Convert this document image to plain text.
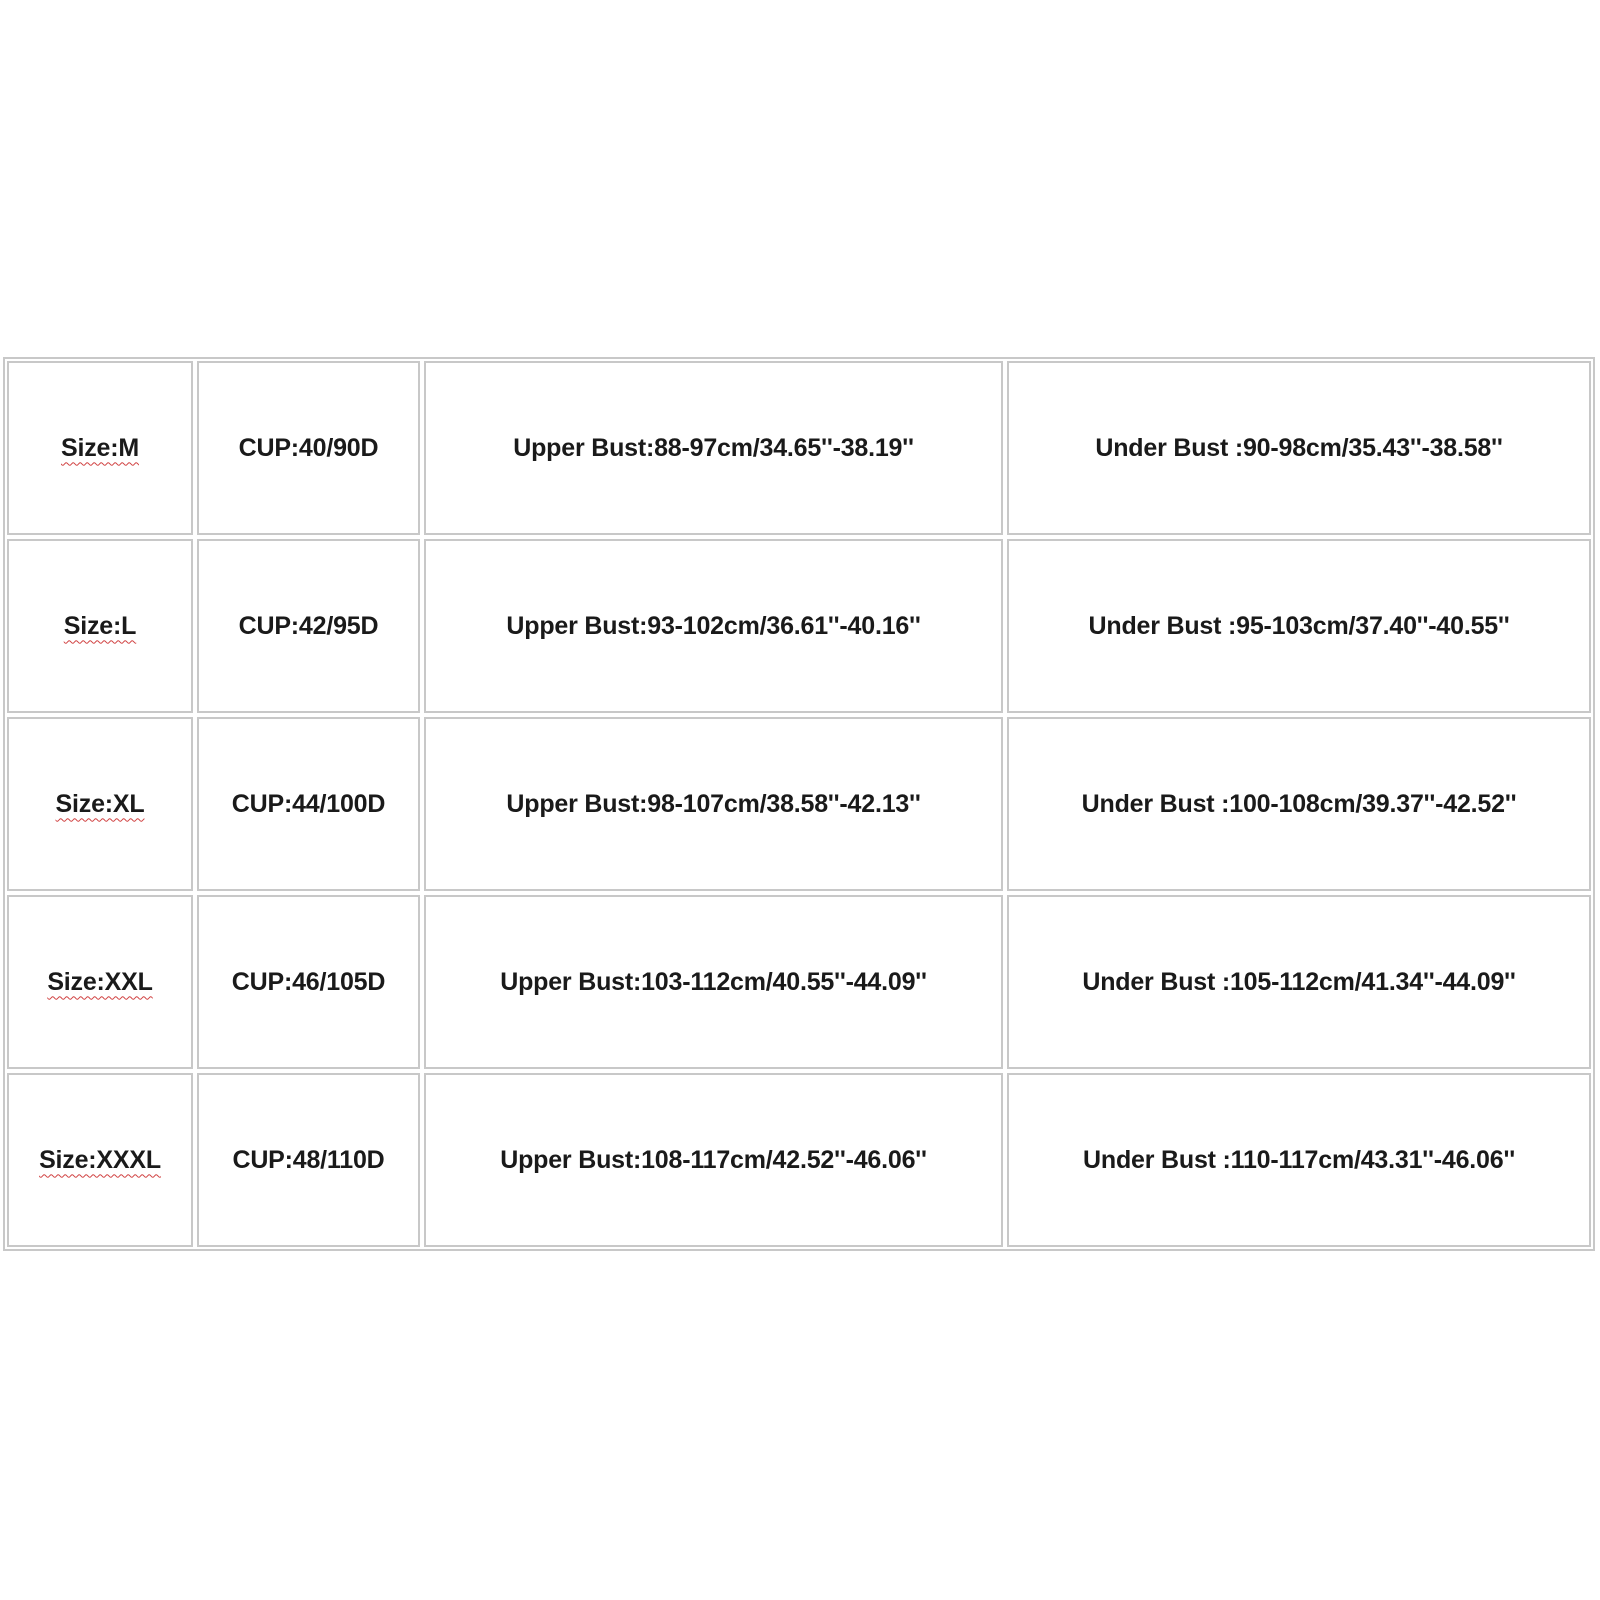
Size:M	CUP:40/90D	Upper Bust:88-97cm/34.65''-38.19''	Under Bust :90-98cm/35.43''-38.58''
Size:L	CUP:42/95D	Upper Bust:93-102cm/36.61''-40.16''	Under Bust :95-103cm/37.40''-40.55''
Size:XL	CUP:44/100D	Upper Bust:98-107cm/38.58''-42.13''	Under Bust :100-108cm/39.37''-42.52''
Size:XXL	CUP:46/105D	Upper Bust:103-112cm/40.55''-44.09''	Under Bust :105-112cm/41.34''-44.09''
Size:XXXL	CUP:48/110D	Upper Bust:108-117cm/42.52''-46.06''	Under Bust :110-117cm/43.31''-46.06''
